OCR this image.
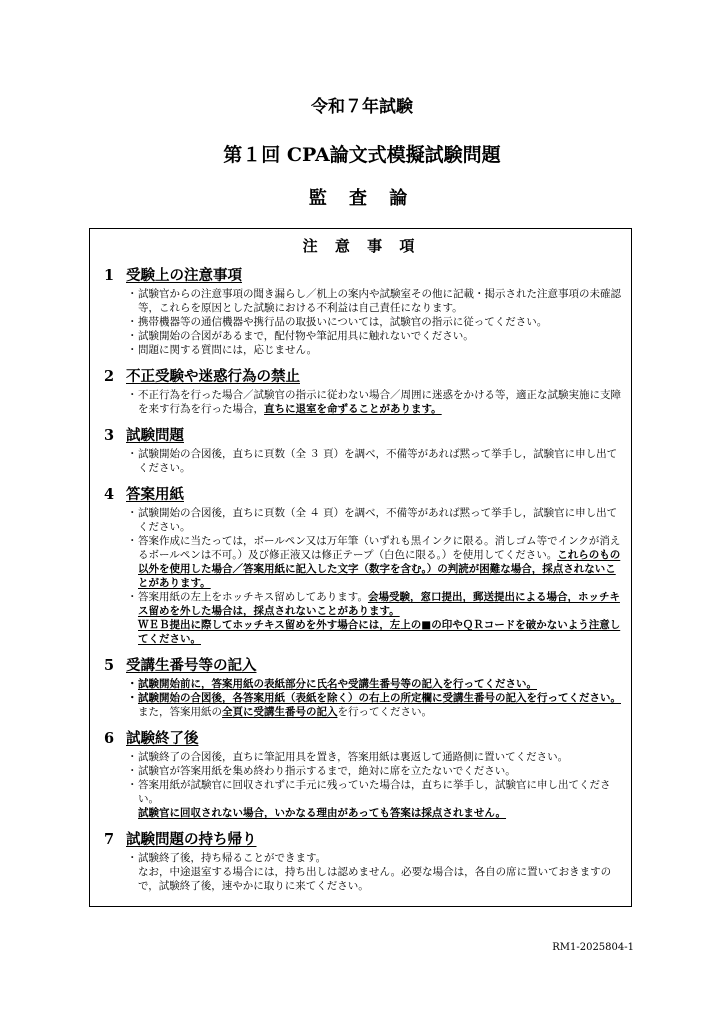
令和７年試験
第１回 CPA論文式模擬試験問題
監 査 論
注 意 事 項
1 受験上の注意事項
・ 試験官からの注意事項の聞き漏らし／机上の案内や試験室その他に記載・掲示された注意事項の未確認等，これらを原因とした試験における不利益は自己責任になります。
・ 携帯機器等の通信機器や携行品の取扱いについては，試験官の指示に従ってください。
・ 試験開始の合図があるまで，配付物や筆記用具に触れないでください。
・ 問題に関する質問には，応じません。
2 不正受験や迷惑行為の禁止
・ 不正行為を行った場合／試験官の指示に従わない場合／周囲に迷惑をかける等，適正な試験実施に支障を来す行為を行った場合，直ちに退室を命ずることがあります。
3 試験問題
・ 試験開始の合図後，直ちに頁数（全 ３ 頁）を調べ，不備等があれば黙って挙手し，試験官に申し出てください。
4 答案用紙
・ 試験開始の合図後，直ちに頁数（全 ４ 頁）を調べ，不備等があれば黙って挙手し，試験官に申し出てください。
・ 答案作成に当たっては，ボールペン又は万年筆（いずれも黒インクに限る。消しゴム等でインクが消えるボールペンは不可。）及び修正液又は修正テープ（白色に限る。）を使用してください。これらのもの以外を使用した場合／答案用紙に記入した文字（数字を含む。）の判読が困難な場合，採点されないことがあります。
・ 答案用紙の左上をホッチキス留めしてあります。会場受験，窓口提出，郵送提出による場合，ホッチキス留めを外した場合は，採点されないことがあります。
ＷＥＢ提出に際してホッチキス留めを外す場合には，左上の■の印やＱＲコードを破かないよう注意してください。
5 受講生番号等の記入
・ 試験開始前に，答案用紙の表紙部分に氏名や受講生番号等の記入を行ってください。
・ 試験開始の合図後，各答案用紙（表紙を除く）の右上の所定欄に受講生番号の記入を行ってください。
また，答案用紙の全頁に受講生番号の記入を行ってください。
6 試験終了後
・ 試験終了の合図後，直ちに筆記用具を置き，答案用紙は裏返して通路側に置いてください。
・ 試験官が答案用紙を集め終わり指示するまで，絶対に席を立たないでください。
・ 答案用紙が試験官に回収されずに手元に残っていた場合は，直ちに挙手し，試験官に申し出てください。
試験官に回収されない場合，いかなる理由があっても答案は採点されません。
7 試験問題の持ち帰り
・ 試験終了後，持ち帰ることができます。
なお，中途退室する場合には，持ち出しは認めません。必要な場合は，各自の席に置いておきますので，試験終了後，速やかに取りに来てください。
RM1-2025804-1
